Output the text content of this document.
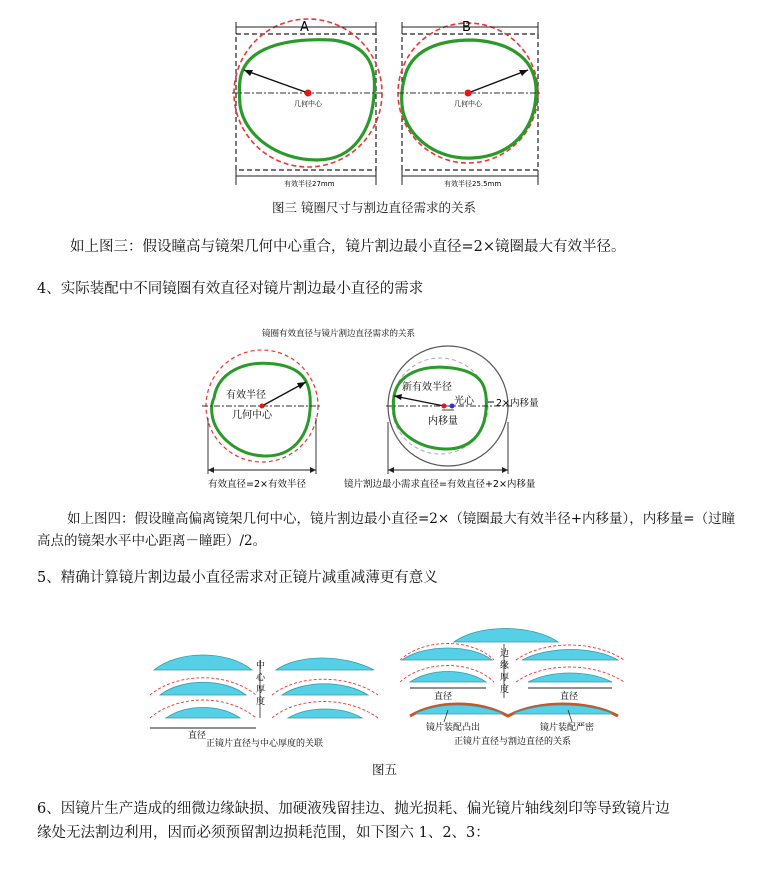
几何中心
A
有效半径27mm
几何中心
B
有效半径25.5mm
图三 镜圈尺寸与割边直径需求的关系
如上图三：假设瞳高与镜架几何中心重合，镜片割边最小直径=2×镜圈最大有效半径。
4、实际装配中不同镜圈有效直径对镜片割边最小直径的需求
镜圈有效直径与镜片割边直径需求的关系
有效半径
几何中心
有效直径=2×有效半径
新有效半径
光心
内移量
2×内移量
镜片割边最小需求直径=有效直径+2×内移量
如上图四：假设瞳高偏离镜架几何中心，镜片割边最小直径=2×（镜圈最大有效半径+内移量），内移量=（过瞳高点的镜架水平中心距离－瞳距）/2。
5、精确计算镜片割边最小直径需求对正镜片减重减薄更有意义
直径
中
心
厚
度
正镜片直径与中心厚度的关联
直径
边
缘
厚
度
直径
镜片装配凸出	镜片装配严密
正镜片直径与割边直径的关系
图五
6、因镜片生产造成的细微边缘缺损、加硬液残留挂边、抛光损耗、偏光镜片轴线刻印等导致镜片边
缘处无法割边利用，因而必须预留割边损耗范围，如下图六 1、2、3：
